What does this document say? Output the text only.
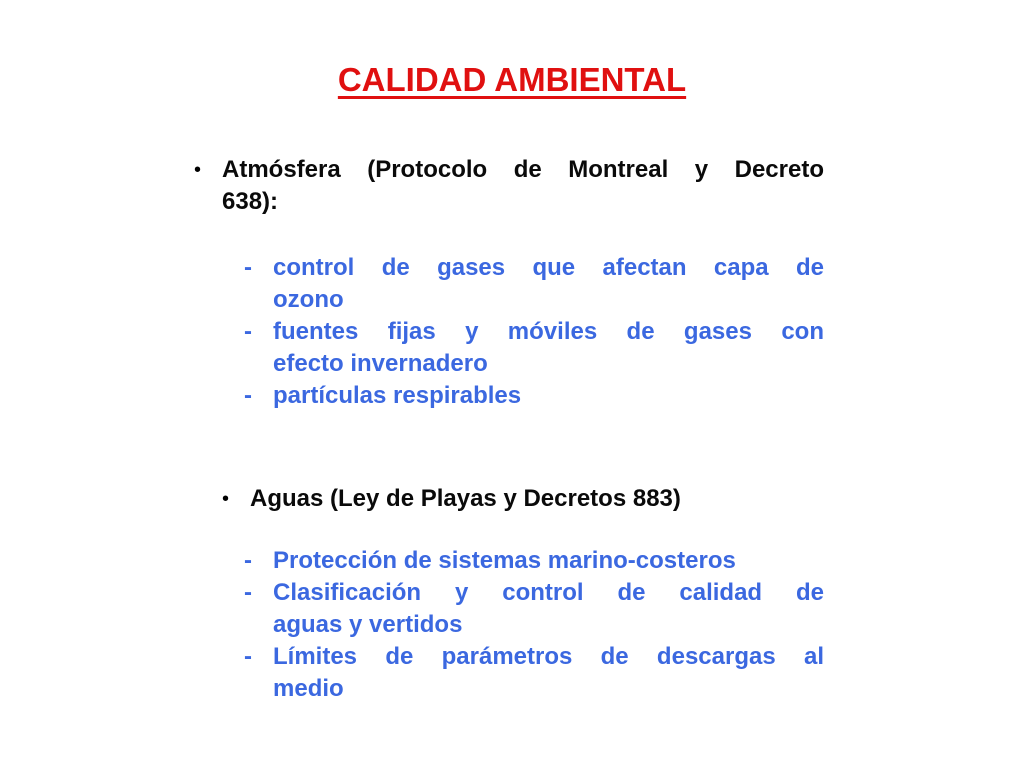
CALIDAD AMBIENTAL
• Atmósfera (Protocolo de Montreal y Decreto
638):
- control de gases que afectan capa de
ozono
- fuentes fijas y móviles de gases con
efecto invernadero
- partículas respirables
• Aguas (Ley de Playas y Decretos 883)
- Protección de sistemas marino-costeros
- Clasificación y control de calidad de
aguas y vertidos
- Límites de parámetros de descargas al
medio
